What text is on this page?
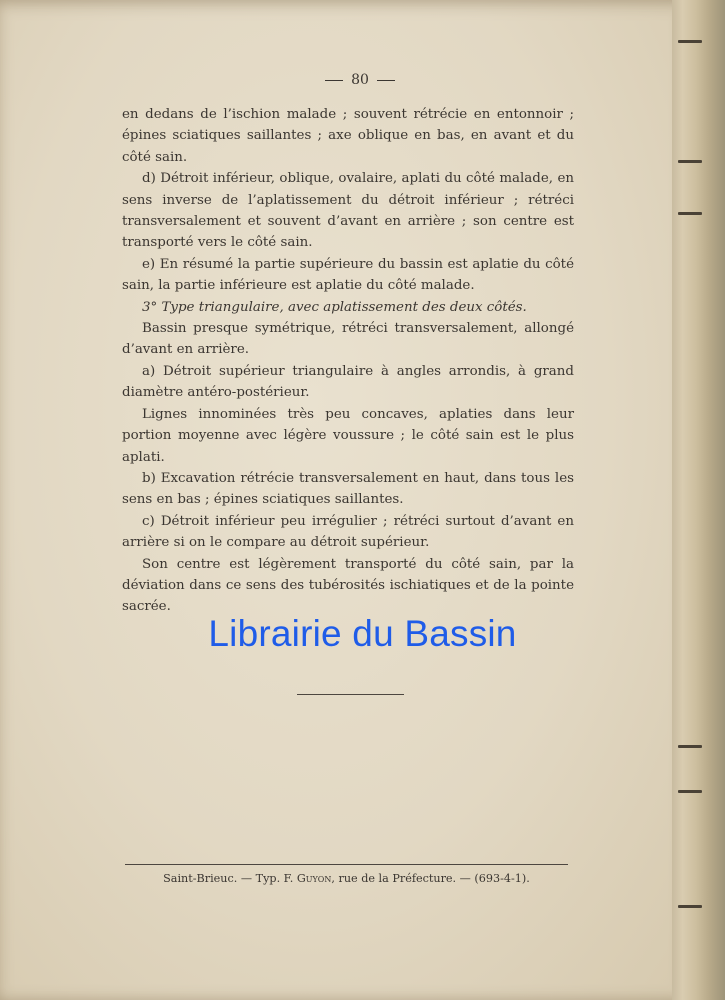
80

en dedans de l’ischion malade ; souvent rétrécie en entonnoir ; épines sciatiques saillantes ; axe oblique en bas, en avant et du côté sain.

d) Détroit inférieur, oblique, ovalaire, aplati du côté malade, en sens inverse de l’aplatissement du détroit inférieur ; rétréci transversalement et souvent d’avant en arrière ; son centre est transporté vers le côté sain.

e) En résumé la partie supérieure du bassin est aplatie du côté sain, la partie inférieure est aplatie du côté malade.

3° Type triangulaire, avec aplatissement des deux côtés.

Bassin presque symétrique, rétréci transversalement, allongé d’avant en arrière.

a) Détroit supérieur triangulaire à angles arrondis, à grand diamètre antéro-postérieur.

Lignes innominées très peu concaves, aplaties dans leur portion moyenne avec légère voussure ; le côté sain est le plus aplati.

b) Excavation rétrécie transversalement en haut, dans tous les sens en bas ; épines sciatiques saillantes.

c) Détroit inférieur peu irrégulier ; rétréci surtout d’avant en arrière si on le compare au détroit supérieur.

Son centre est légèrement transporté du côté sain, par la déviation dans ce sens des tubérosités ischiatiques et de la pointe sacrée.

Librairie du Bassin
Saint-Brieuc. — Typ. F. Guyon, rue de la Préfecture. — (693-4-1).
